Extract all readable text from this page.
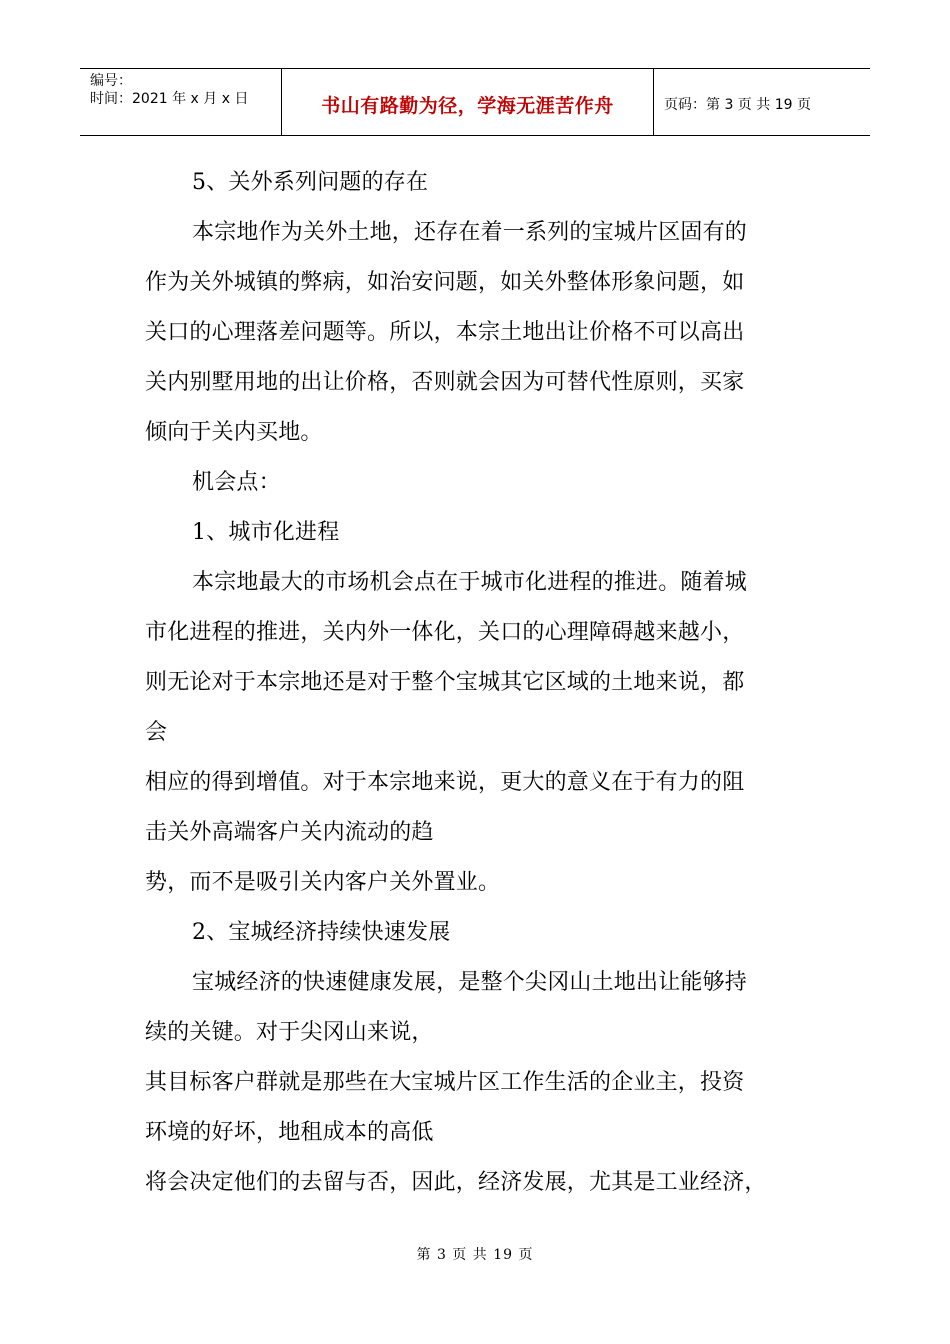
编号：
时间：2021 年 x 月 x 日	书山有路勤为径，学海无涯苦作舟	页码：第 3 页 共 19 页
5、关外系列问题的存在
本宗地作为关外土地，还存在着一系列的宝城片区固有的
作为关外城镇的弊病，如治安问题，如关外整体形象问题，如
关口的心理落差问题等。所以，本宗土地出让价格不可以高出
关内别墅用地的出让价格，否则就会因为可替代性原则，买家
倾向于关内买地。
机会点：
1、城市化进程
本宗地最大的市场机会点在于城市化进程的推进。随着城
市化进程的推进，关内外一体化，关口的心理障碍越来越小，
则无论对于本宗地还是对于整个宝城其它区域的土地来说，都
会
相应的得到增值。对于本宗地来说，更大的意义在于有力的阻
击关外高端客户关内流动的趋
势，而不是吸引关内客户关外置业。
2、宝城经济持续快速发展
宝城经济的快速健康发展，是整个尖冈山土地出让能够持
续的关键。对于尖冈山来说，
其目标客户群就是那些在大宝城片区工作生活的企业主，投资
环境的好坏，地租成本的高低
将会决定他们的去留与否，因此，经济发展，尤其是工业经济，
第 3 页 共 19 页
